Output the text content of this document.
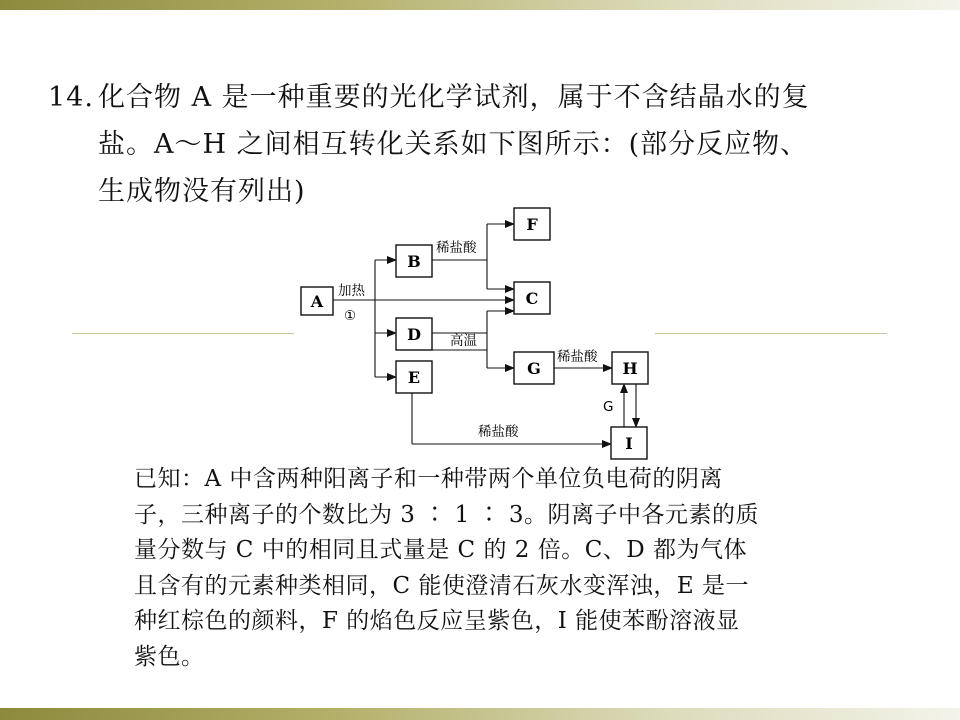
14. 化合物 A 是一种重要的光化学试剂，属于不含结晶水的复
盐。A～H 之间相互转化关系如下图所示：(部分反应物、
生成物没有列出)
A
B
D
E
F
C
G	H
I
加热
①
稀盐酸
高温
稀盐酸
G
稀盐酸
已知：A 中含两种阳离子和一种带两个单位负电荷的阴离
子，三种离子的个数比为 3 ∶ 1 ∶ 3。阴离子中各元素的质
量分数与 C 中的相同且式量是 C 的 2 倍。C、D 都为气体
且含有的元素种类相同，C 能使澄清石灰水变浑浊，E 是一
种红棕色的颜料，F 的焰色反应呈紫色，I 能使苯酚溶液显
紫色。
